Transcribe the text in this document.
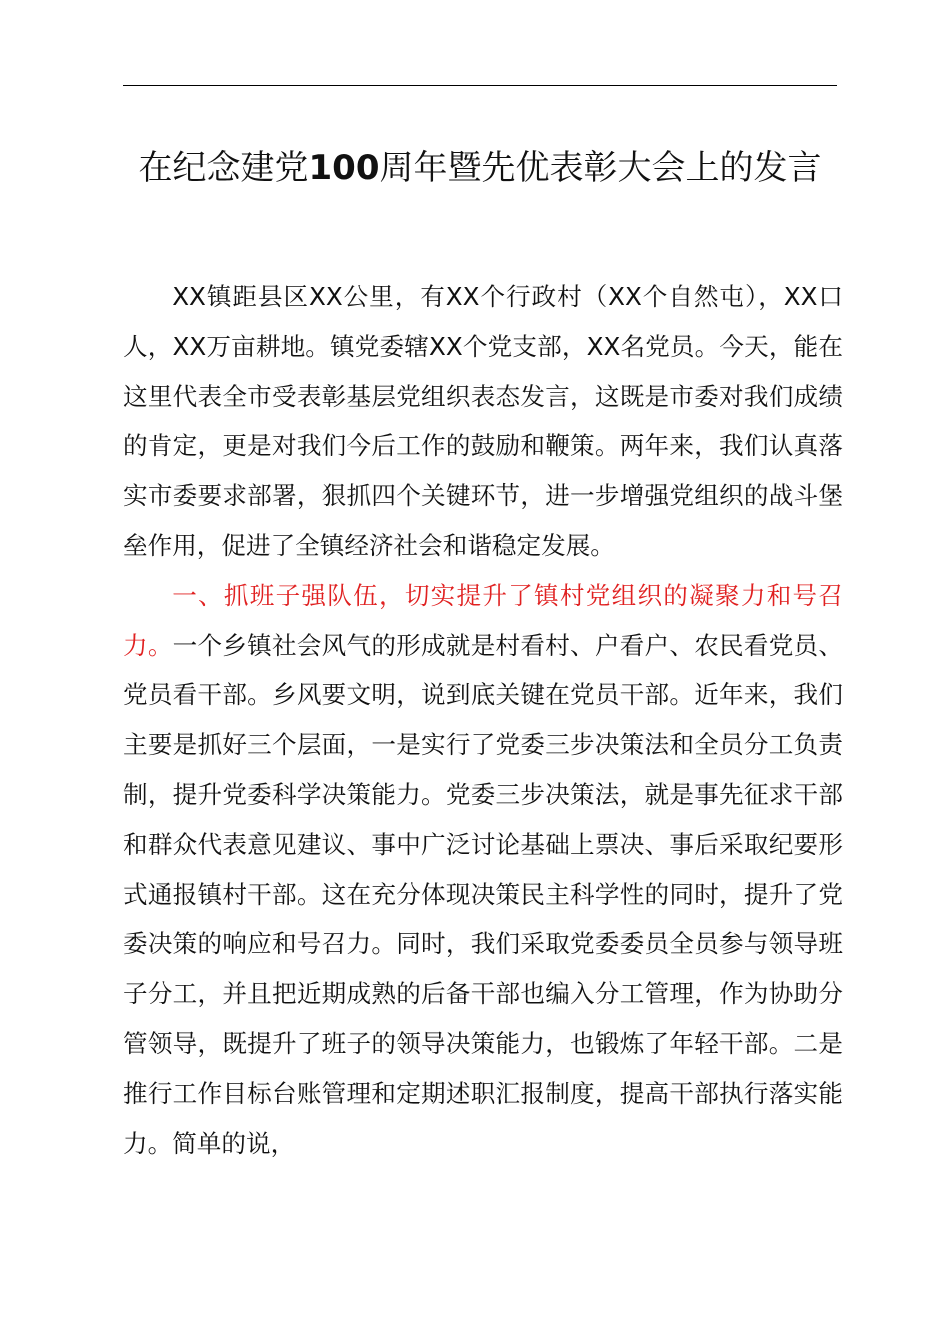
在纪念建党100周年暨先优表彰大会上的发言

XX镇距县区XX公里，有XX个行政村（XX个自然屯），XX口人，XX万亩耕地。镇党委辖XX个党支部，XX名党员。今天，能在这里代表全市受表彰基层党组织表态发言，这既是市委对我们成绩的肯定，更是对我们今后工作的鼓励和鞭策。两年来，我们认真落实市委要求部署，狠抓四个关键环节，进一步增强党组织的战斗堡垒作用，促进了全镇经济社会和谐稳定发展。

一、抓班子强队伍，切实提升了镇村党组织的凝聚力和号召力。一个乡镇社会风气的形成就是村看村、户看户、农民看党员、党员看干部。乡风要文明，说到底关键在党员干部。近年来，我们主要是抓好三个层面，一是实行了党委三步决策法和全员分工负责制，提升党委科学决策能力。党委三步决策法，就是事先征求干部和群众代表意见建议、事中广泛讨论基础上票决、事后采取纪要形式通报镇村干部。这在充分体现决策民主科学性的同时，提升了党委决策的响应和号召力。同时，我们采取党委委员全员参与领导班子分工，并且把近期成熟的后备干部也编入分工管理，作为协助分管领导，既提升了班子的领导决策能力，也锻炼了年轻干部。二是推行工作目标台账管理和定期述职汇报制度，提高干部执行落实能力。简单的说，
